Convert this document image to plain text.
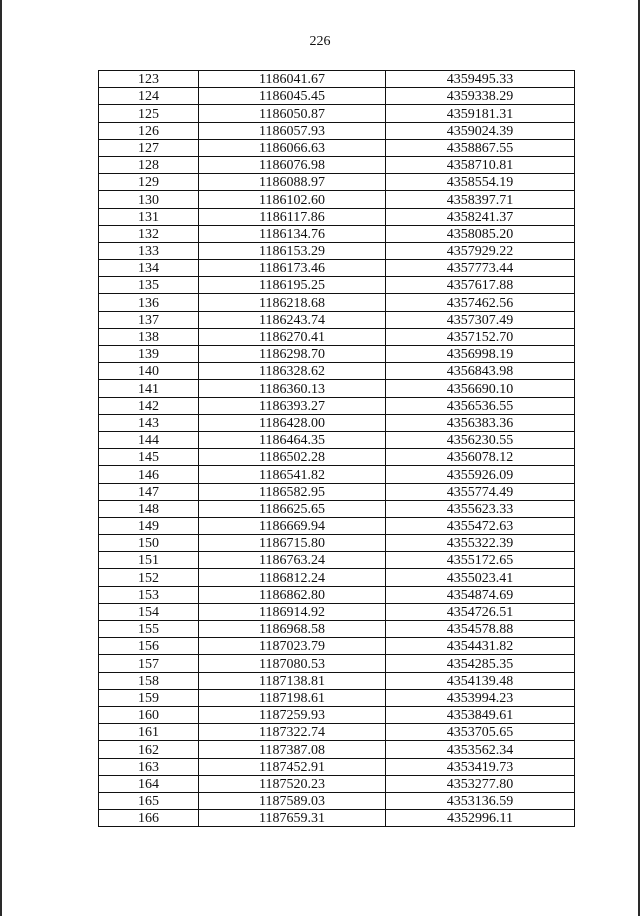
226
123	1186041.67	4359495.33
124	1186045.45	4359338.29
125	1186050.87	4359181.31
126	1186057.93	4359024.39
127	1186066.63	4358867.55
128	1186076.98	4358710.81
129	1186088.97	4358554.19
130	1186102.60	4358397.71
131	1186117.86	4358241.37
132	1186134.76	4358085.20
133	1186153.29	4357929.22
134	1186173.46	4357773.44
135	1186195.25	4357617.88
136	1186218.68	4357462.56
137	1186243.74	4357307.49
138	1186270.41	4357152.70
139	1186298.70	4356998.19
140	1186328.62	4356843.98
141	1186360.13	4356690.10
142	1186393.27	4356536.55
143	1186428.00	4356383.36
144	1186464.35	4356230.55
145	1186502.28	4356078.12
146	1186541.82	4355926.09
147	1186582.95	4355774.49
148	1186625.65	4355623.33
149	1186669.94	4355472.63
150	1186715.80	4355322.39
151	1186763.24	4355172.65
152	1186812.24	4355023.41
153	1186862.80	4354874.69
154	1186914.92	4354726.51
155	1186968.58	4354578.88
156	1187023.79	4354431.82
157	1187080.53	4354285.35
158	1187138.81	4354139.48
159	1187198.61	4353994.23
160	1187259.93	4353849.61
161	1187322.74	4353705.65
162	1187387.08	4353562.34
163	1187452.91	4353419.73
164	1187520.23	4353277.80
165	1187589.03	4353136.59
166	1187659.31	4352996.11
